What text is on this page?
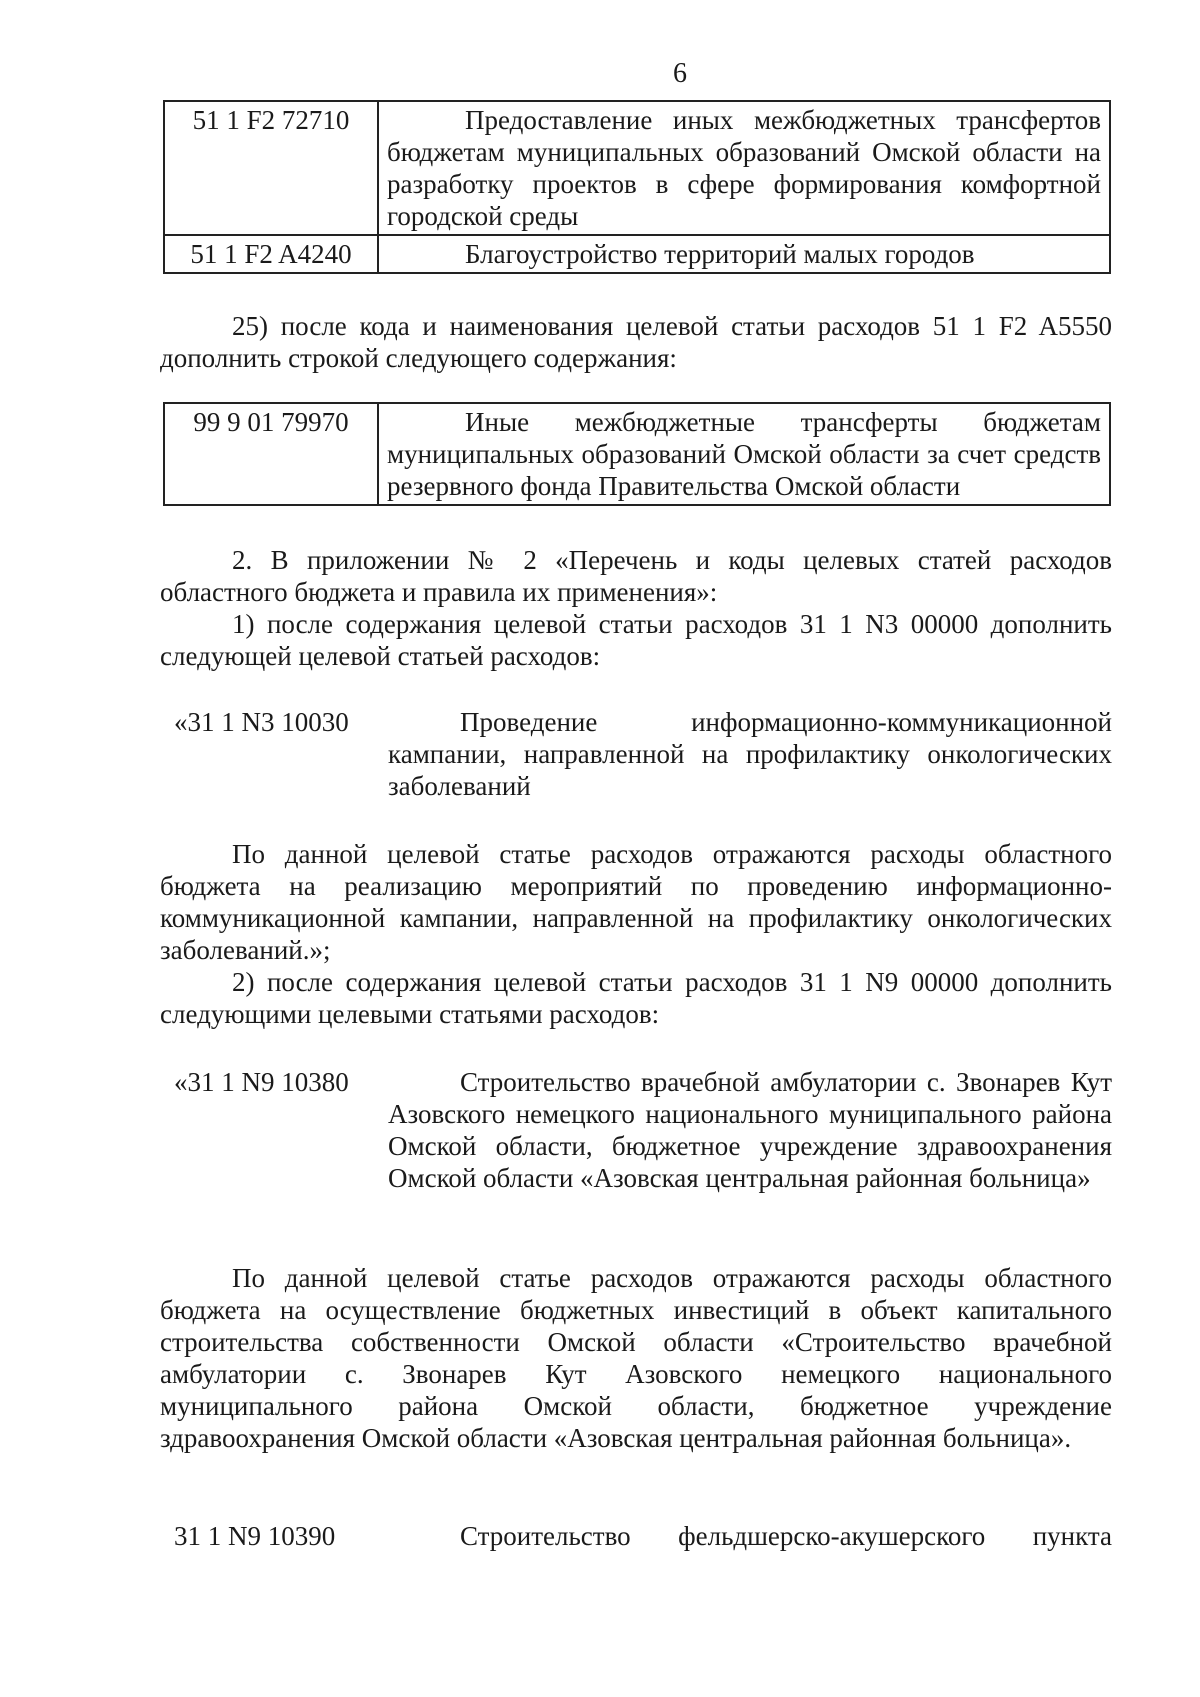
6
51 1 F2 72710	Предоставление иных межбюджетных трансфертов бюджетам муниципальных образований Омской области на разработку проектов в сфере формирования комфортной городской среды
51 1 F2 A4240	Благоустройство территорий малых городов
25) после кода и наименования целевой статьи расходов 51 1 F2 A5550 дополнить строкой следующего содержания:
99 9 01 79970	Иные межбюджетные трансферты бюджетам муниципальных образований Омской области за счет средств резервного фонда Правительства Омской области
2. В приложении № 2 «Перечень и коды целевых статей расходов областного бюджета и правила их применения»:
1) после содержания целевой статьи расходов 31 1 N3 00000 дополнить следующей целевой статьей расходов:
«31 1 N3 10030	Проведение информационно-коммуникационной кампании, направленной на профилактику онкологических заболеваний
По данной целевой статье расходов отражаются расходы областного бюджета на реализацию мероприятий по проведению информационно-коммуникационной кампании, направленной на профилактику онкологических заболеваний.»;
2) после содержания целевой статьи расходов 31 1 N9 00000 дополнить следующими целевыми статьями расходов:
«31 1 N9 10380	Строительство врачебной амбулатории с. Звонарев Кут Азовского немецкого национального муниципального района Омской области, бюджетное учреждение здравоохранения Омской области «Азовская центральная районная больница»
По данной целевой статье расходов отражаются расходы областного бюджета на осуществление бюджетных инвестиций в объект капитального строительства собственности Омской области «Строительство врачебной амбулатории с. Звонарев Кут Азовского немецкого национального муниципального района Омской области, бюджетное учреждение здравоохранения Омской области «Азовская центральная районная больница».
31 1 N9 10390	Строительство фельдшерско-акушерского пункта
